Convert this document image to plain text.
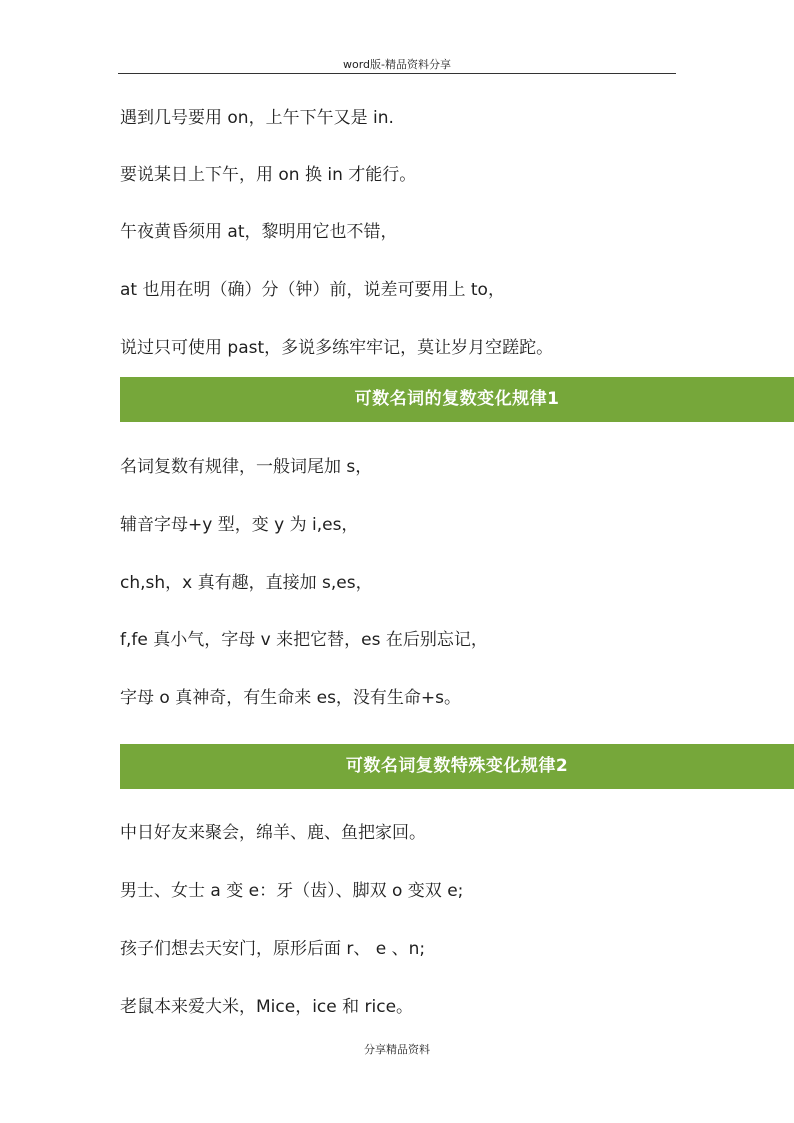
word版-精品资料分享
遇到几号要用 on，上午下午又是 in.
要说某日上下午，用 on 换 in 才能行。
午夜黄昏须用 at，黎明用它也不错，
at 也用在明（确）分（钟）前，说差可要用上 to，
说过只可使用 past，多说多练牢牢记，莫让岁月空蹉跎。
可数名词的复数变化规律1
名词复数有规律，一般词尾加 s，
辅音字母+y 型，变 y 为 i,es，
ch,sh，x 真有趣，直接加 s,es，
f,fe 真小气，字母 v 来把它替，es 在后别忘记，
字母 o 真神奇，有生命来 es，没有生命+s。
可数名词复数特殊变化规律2
中日好友来聚会，绵羊、鹿、鱼把家回。
男士、女士 a 变 e：牙（齿）、脚双 o 变双 e;
孩子们想去天安门，原形后面 r、 e 、n;
老鼠本来爱大米，Mice，ice 和 rice。
分享精品资料
